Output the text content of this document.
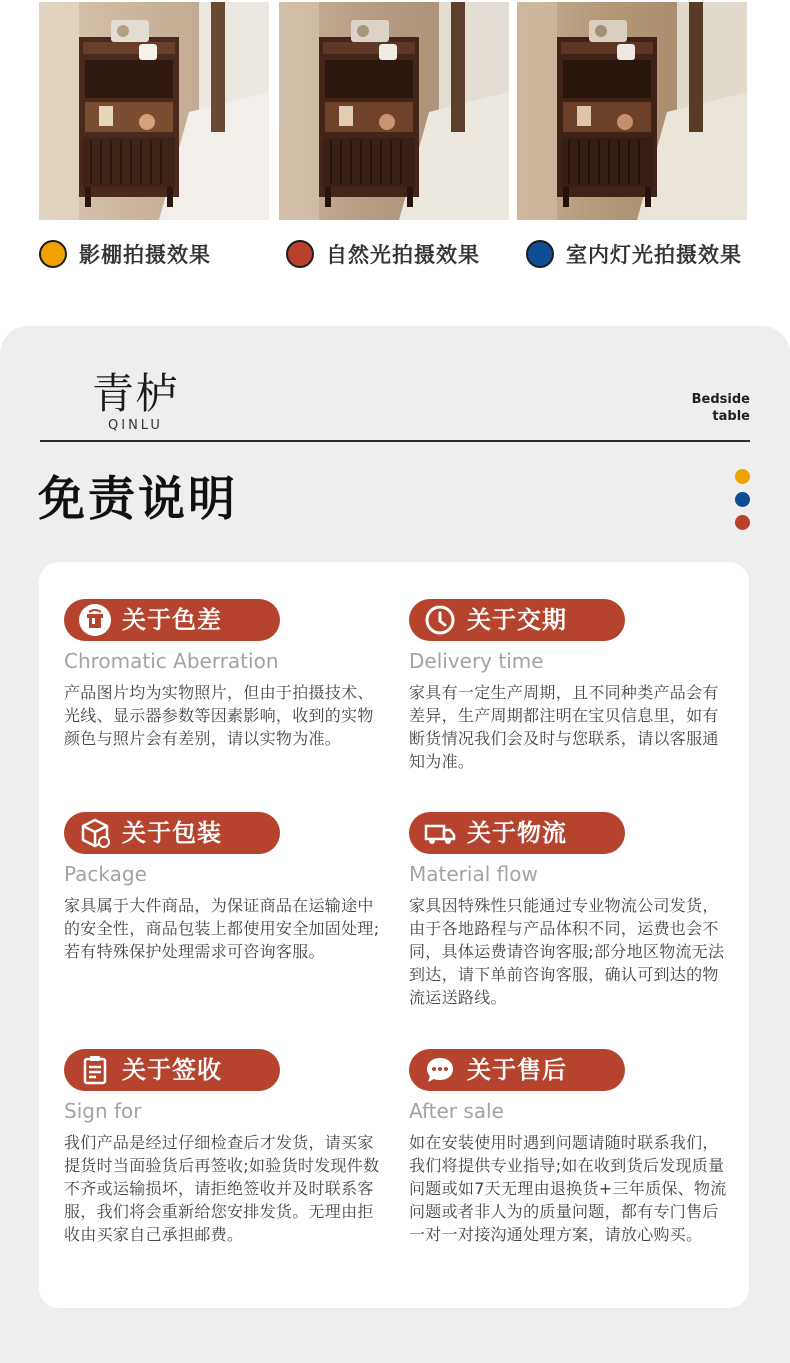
影棚拍摄效果	自然光拍摄效果	室内灯光拍摄效果
青栌
QINLU
Bedside
table
免责说明
关于色差
Chromatic Aberration
产品图片均为实物照片，但由于拍摄技术、光线、显示器参数等因素影响，收到的实物颜色与照片会有差别，请以实物为准。
关于交期
Delivery time
家具有一定生产周期，且不同种类产品会有差异，生产周期都注明在宝贝信息里，如有断货情况我们会及时与您联系，请以客服通知为准。
关于包装
Package
家具属于大件商品，为保证商品在运输途中的安全性，商品包装上都使用安全加固处理;若有特殊保护处理需求可咨询客服。
关于物流
Material flow
家具因特殊性只能通过专业物流公司发货，由于各地路程与产品体积不同，运费也会不同，具体运费请咨询客服;部分地区物流无法到达，请下单前咨询客服，确认可到达的物流运送路线。
关于签收
Sign for
我们产品是经过仔细检查后才发货，请买家提货时当面验货后再签收;如验货时发现件数不齐或运输损坏，请拒绝签收并及时联系客服，我们将会重新给您安排发货。无理由拒收由买家自己承担邮费。
关于售后
After sale
如在安装使用时遇到问题请随时联系我们，我们将提供专业指导;如在收到货后发现质量问题或如7天无理由退换货+三年质保、物流问题或者非人为的质量问题，都有专门售后一对一对接沟通处理方案，请放心购买。
